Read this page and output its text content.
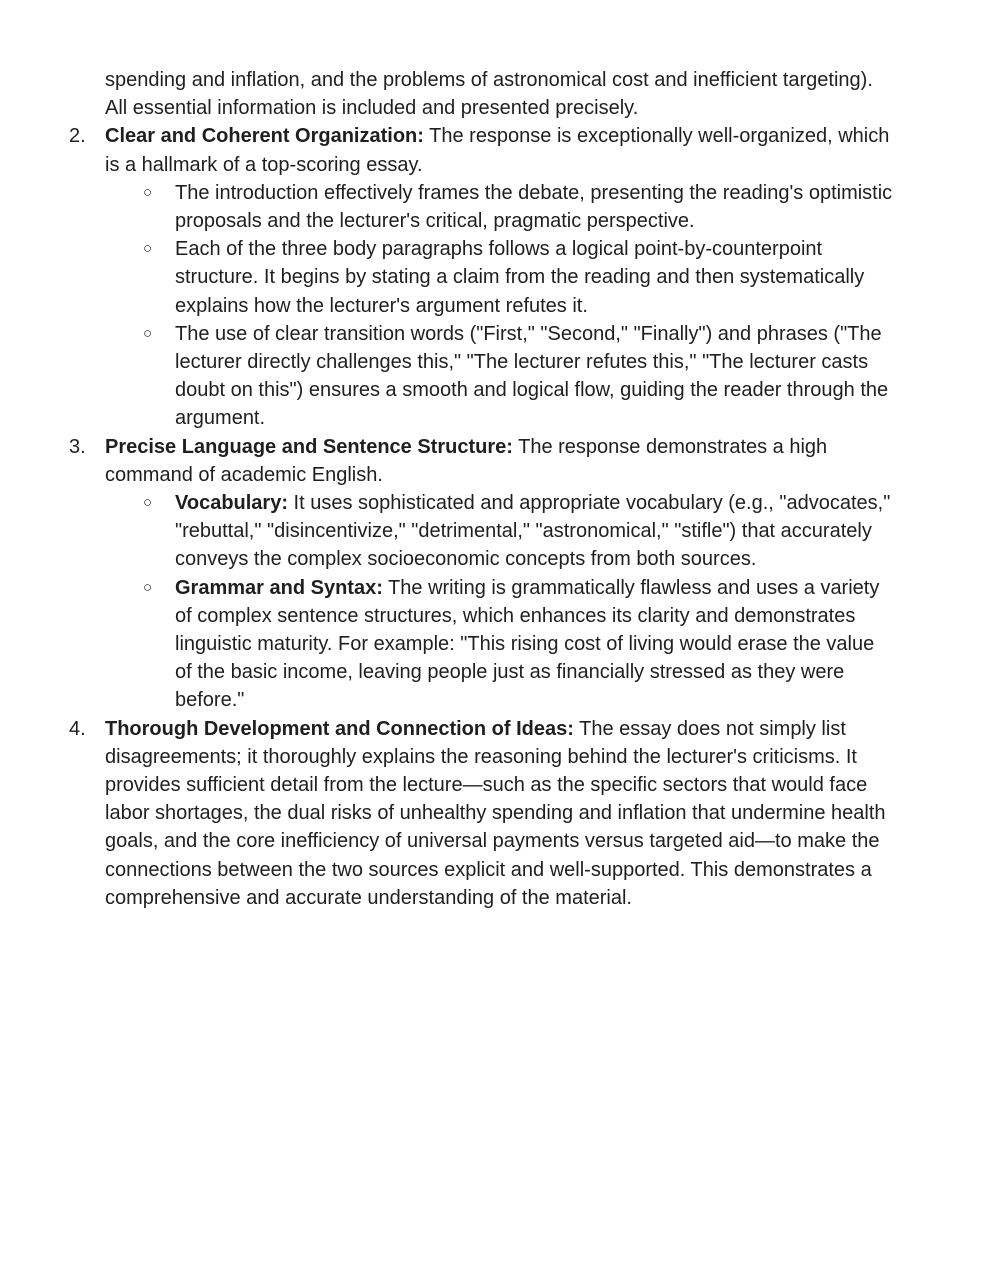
spending and inflation, and the problems of astronomical cost and inefficient targeting).
All essential information is included and presented precisely.
2. Clear and Coherent Organization: The response is exceptionally well-organized, which
is a hallmark of a top-scoring essay.
○ The introduction effectively frames the debate, presenting the reading's optimistic
proposals and the lecturer's critical, pragmatic perspective.
○ Each of the three body paragraphs follows a logical point-by-counterpoint
structure. It begins by stating a claim from the reading and then systematically
explains how the lecturer's argument refutes it.
○ The use of clear transition words ("First," "Second," "Finally") and phrases ("The
lecturer directly challenges this," "The lecturer refutes this," "The lecturer casts
doubt on this") ensures a smooth and logical flow, guiding the reader through the
argument.
3. Precise Language and Sentence Structure: The response demonstrates a high
command of academic English.
○ Vocabulary: It uses sophisticated and appropriate vocabulary (e.g., "advocates,"
"rebuttal," "disincentivize," "detrimental," "astronomical," "stifle") that accurately
conveys the complex socioeconomic concepts from both sources.
○ Grammar and Syntax: The writing is grammatically flawless and uses a variety
of complex sentence structures, which enhances its clarity and demonstrates
linguistic maturity. For example: "This rising cost of living would erase the value
of the basic income, leaving people just as financially stressed as they were
before."
4. Thorough Development and Connection of Ideas: The essay does not simply list
disagreements; it thoroughly explains the reasoning behind the lecturer's criticisms. It
provides sufficient detail from the lecture—such as the specific sectors that would face
labor shortages, the dual risks of unhealthy spending and inflation that undermine health
goals, and the core inefficiency of universal payments versus targeted aid—to make the
connections between the two sources explicit and well-supported. This demonstrates a
comprehensive and accurate understanding of the material.
